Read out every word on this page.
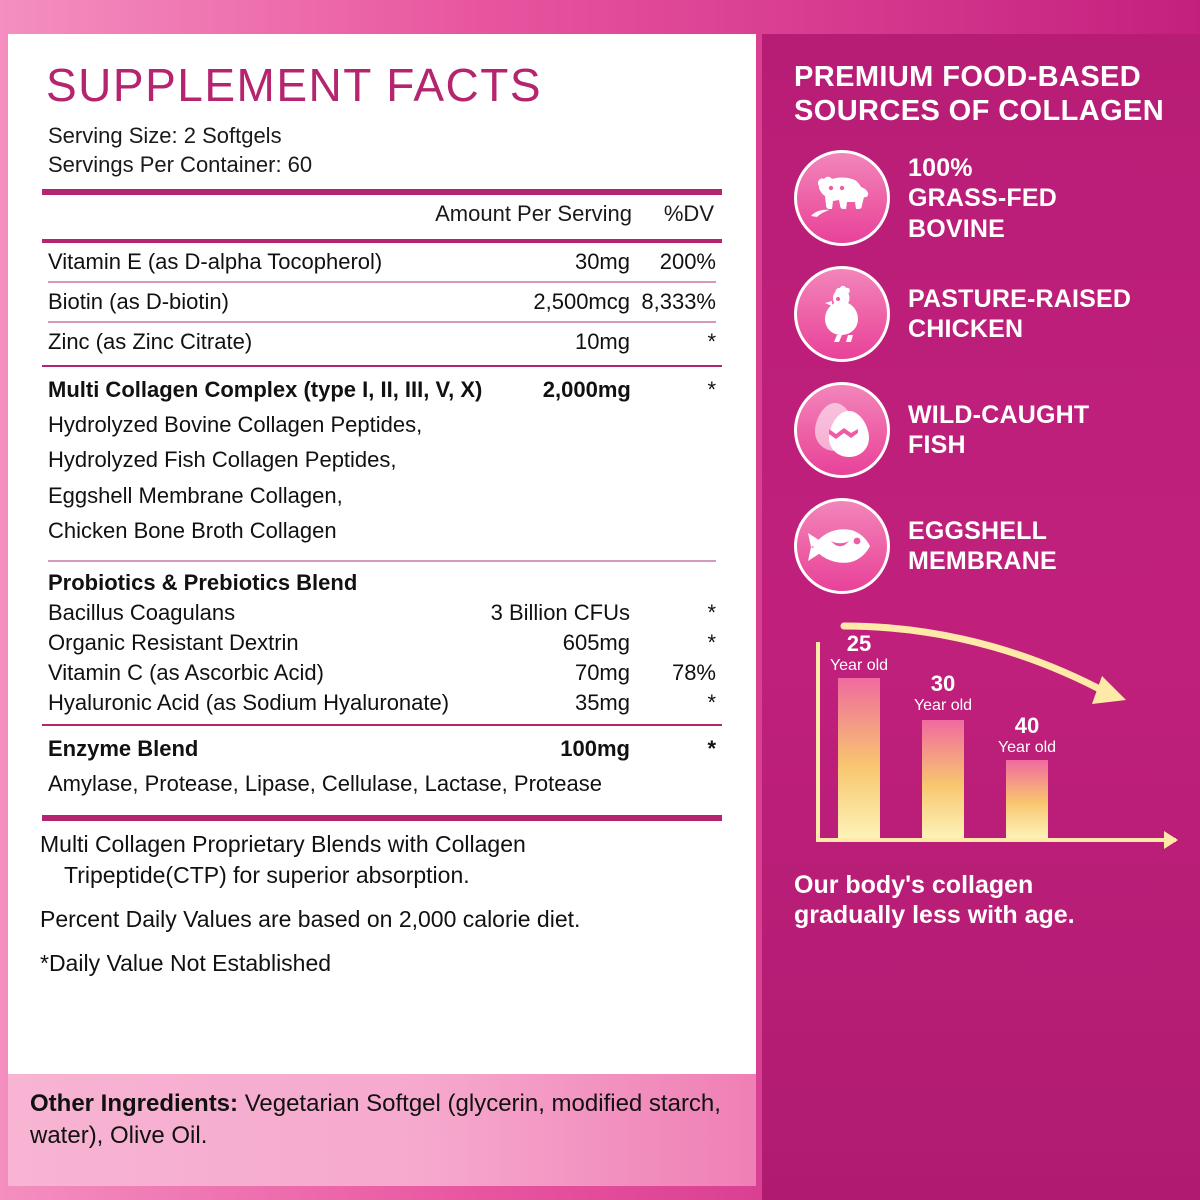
SUPPLEMENT FACTS
Serving Size: 2 Softgels
Servings Per Container: 60
Amount Per Serving	%DV
Vitamin E (as D-alpha Tocopherol)	30mg	200%
Biotin (as D-biotin)	2,500mcg 8,333%
Zinc (as Zinc Citrate)	10mg	*
Multi Collagen Complex (type I, II, III, V, X)	2,000mg	*
Hydrolyzed Bovine Collagen Peptides,
Hydrolyzed Fish Collagen Peptides,
Eggshell Membrane Collagen,
Chicken Bone Broth Collagen
Probiotics & Prebiotics Blend
Bacillus Coagulans	3 Billion CFUs	*
Organic Resistant Dextrin	605mg	*
Vitamin C (as Ascorbic Acid)	70mg	78%
Hyaluronic Acid (as Sodium Hyaluronate)	35mg	*
Enzyme Blend	100mg	*
Amylase, Protease, Lipase, Cellulase, Lactase, Protease

Multi Collagen Proprietary Blends with Collagen
Tripeptide(CTP) for superior absorption.

Percent Daily Values are based on 2,000 calorie diet.

*Daily Value Not Established

Other Ingredients: Vegetarian Softgel (glycerin, modified starch, water), Olive Oil.
PREMIUM FOOD-BASED
SOURCES OF COLLAGEN
100%
GRASS-FED
BOVINE
PASTURE-RAISED
CHICKEN
WILD-CAUGHT
FISH
EGGSHELL
MEMBRANE
25
Year old
30
Year old
40
Year old
Our body's collagen
gradually less with age.
